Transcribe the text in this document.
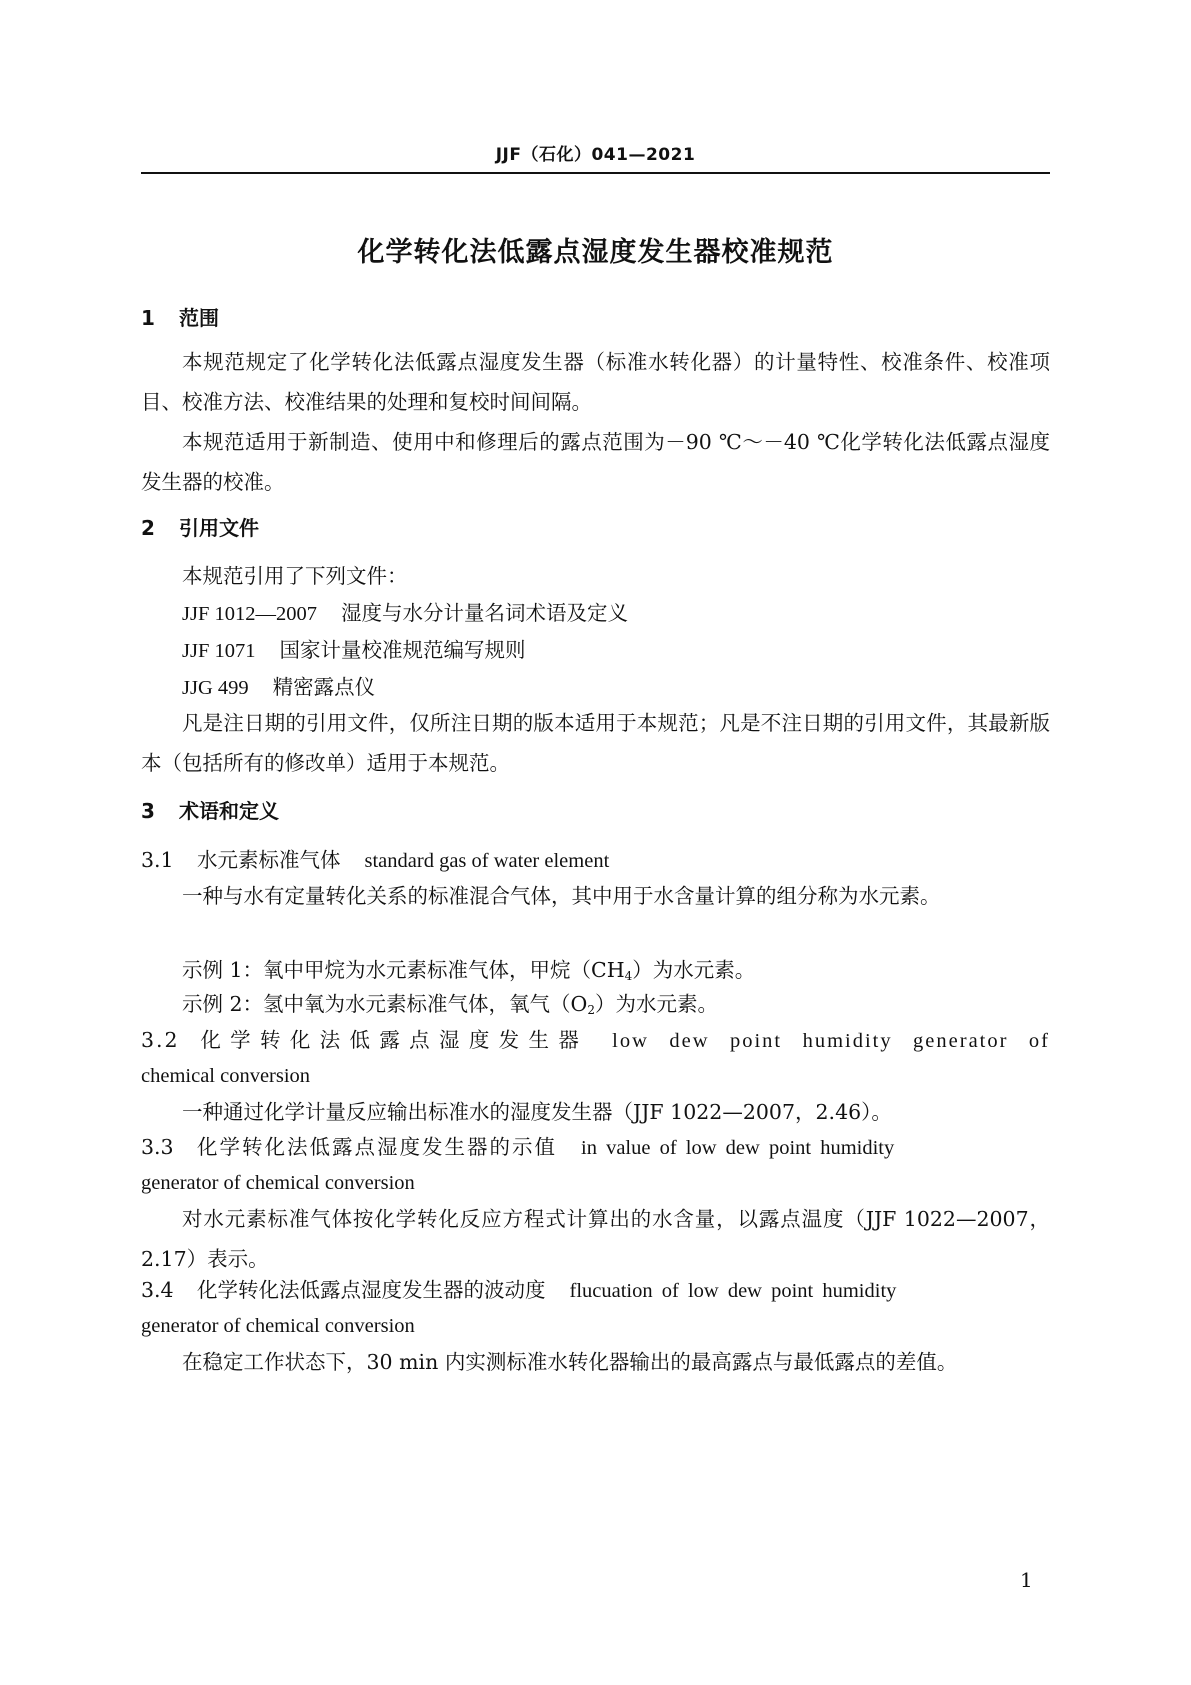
JJF（石化）041—2021
化学转化法低露点湿度发生器校准规范
1 范围
本规范规定了化学转化法低露点湿度发生器（标准水转化器）的计量特性、校准条件、校准项目、校准方法、校准结果的处理和复校时间间隔。
本规范适用于新制造、使用中和修理后的露点范围为－90 ℃～－40 ℃化学转化法低露点湿度发生器的校准。
2 引用文件
本规范引用了下列文件：
JJF 1012—2007 湿度与水分计量名词术语及定义
JJF 1071 国家计量校准规范编写规则
JJG 499 精密露点仪
凡是注日期的引用文件，仅所注日期的版本适用于本规范；凡是不注日期的引用文件，其最新版本（包括所有的修改单）适用于本规范。
3 术语和定义
3.1 水元素标准气体 standard gas of water element
一种与水有定量转化关系的标准混合气体，其中用于水含量计算的组分称为水元素。
示例 1：氧中甲烷为水元素标准气体，甲烷$(CH_4)$为水元素。
示例 2：氢中氧为水元素标准气体，氧气$(O_2)$为水元素。
3.2 化学转化法低露点湿度发生器 low dew point humidity generator of
chemical conversion
一种通过化学计量反应输出标准水的湿度发生器（JJF 1022—2007，2.46）。
3.3 化学转化法低露点湿度发生器的示值 in value of low dew point humidity
generator of chemical conversion
对水元素标准气体按化学转化反应方程式计算出的水含量，以露点温度（JJF 1022—2007，2.17）表示。
3.4 化学转化法低露点湿度发生器的波动度 flucuation of low dew point humidity
generator of chemical conversion
在稳定工作状态下，30 min 内实测标准水转化器输出的最高露点与最低露点的差值。
1
